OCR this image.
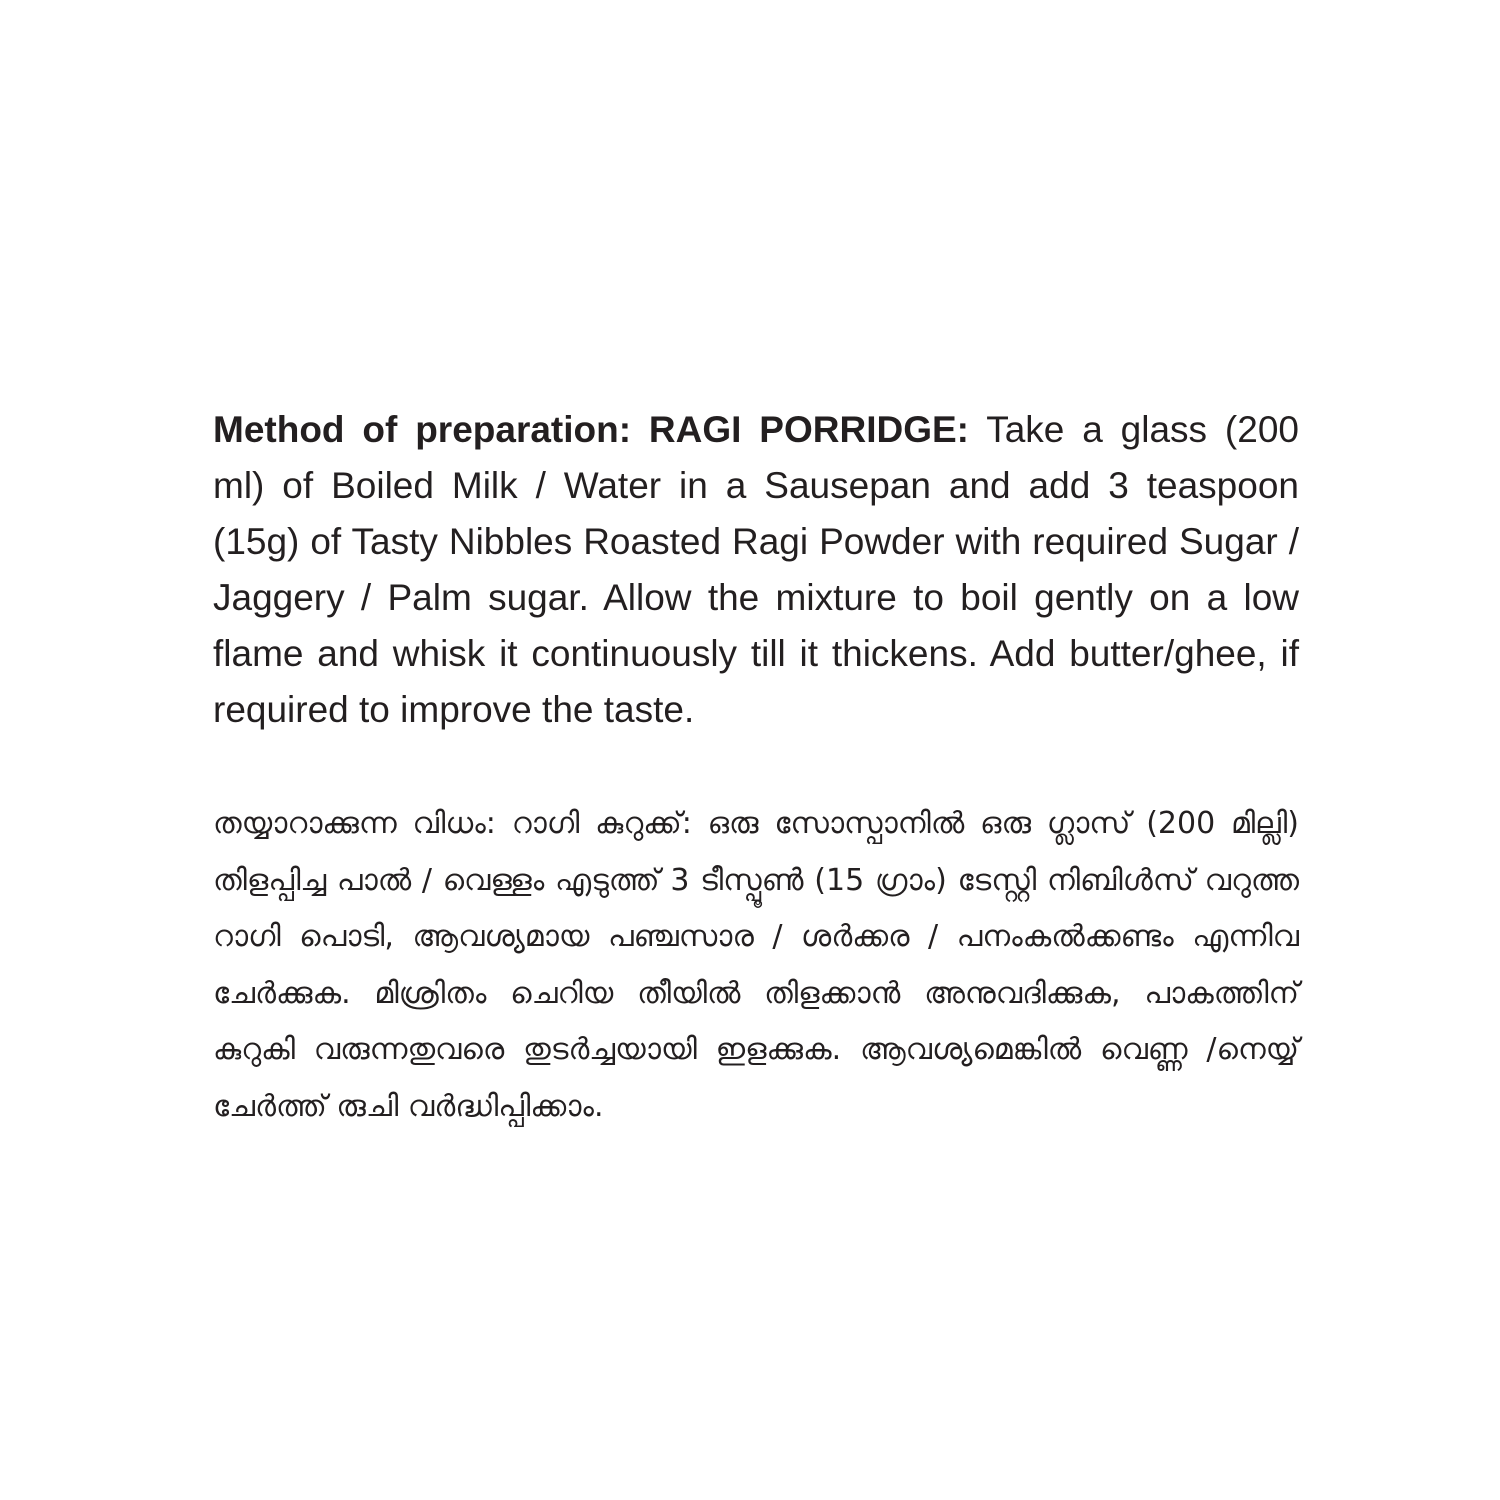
Method of preparation: RAGI PORRIDGE: Take a glass (200 ml) of Boiled Milk / Water in a Sausepan and add 3 teaspoon (15g) of Tasty Nibbles Roasted Ragi Powder with required Sugar / Jaggery / Palm sugar. Allow the mixture to boil gently on a low flame and whisk it continuously till it thickens. Add butter/ghee, if required to improve the taste.

തയ്യാറാക്കുന്ന വിധം: റാഗി കുറുക്ക്: ഒരു സോസ്പാനിൽ ഒരു ഗ്ലാസ് (200 മില്ലി) തിളപ്പിച്ച പാൽ / വെള്ളം എടുത്ത് 3 ടീസ്പൂൺ (15 ഗ്രാം) ടേസ്റ്റി നിബിൾസ് വറുത്ത റാഗി പൊടി, ആവശ്യമായ പഞ്ചസാര / ശർക്കര / പനംകൽക്കണ്ടം എന്നിവ ചേർക്കുക. മിശ്രിതം ചെറിയ തീയിൽ തിളക്കാൻ അനുവദിക്കുക, പാകത്തിന് കുറുകി വരുന്നതുവരെ തുടർച്ചയായി ഇളക്കുക. ആവശ്യമെങ്കിൽ വെണ്ണ /നെയ്യ് ചേർത്ത് രുചി വർദ്ധിപ്പിക്കാം.
